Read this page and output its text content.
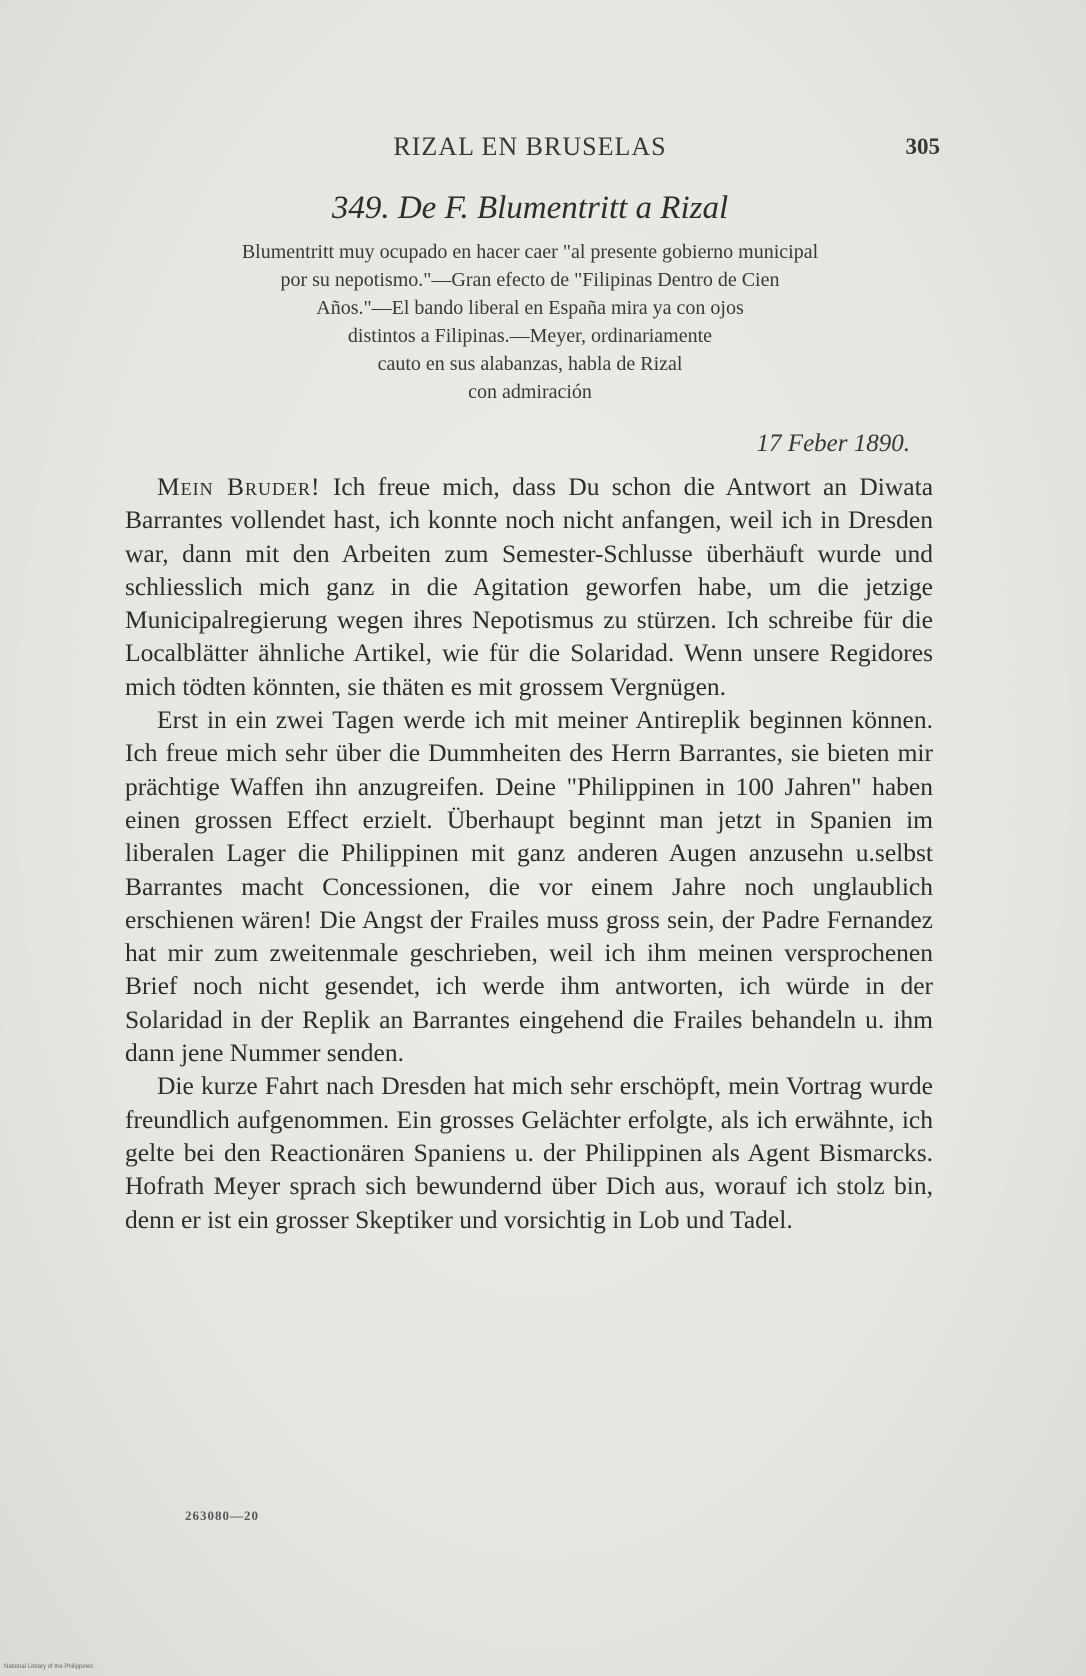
RIZAL EN BRUSELAS	305
349. De F. Blumentritt a Rizal
Blumentritt muy ocupado en hacer caer "al presente gobierno municipal
por su nepotismo."—Gran efecto de "Filipinas Dentro de Cien
Años."—El bando liberal en España mira ya con ojos
distintos a Filipinas.—Meyer, ordinariamente
cauto en sus alabanzas, habla de Rizal
con admiración
17 Feber 1890.

Mein Bruder! Ich freue mich, dass Du schon die Antwort an Diwata Barrantes vollendet hast, ich konnte noch nicht anfangen, weil ich in Dresden war, dann mit den Arbeiten zum Semester-Schlusse überhäuft wurde und schliesslich mich ganz in die Agitation geworfen habe, um die jetzige Municipalregierung wegen ihres Nepotismus zu stürzen. Ich schreibe für die Localblätter ähnliche Artikel, wie für die Solaridad. Wenn unsere Regidores mich tödten könnten, sie thäten es mit grossem Vergnügen.

Erst in ein zwei Tagen werde ich mit meiner Antireplik beginnen können. Ich freue mich sehr über die Dummheiten des Herrn Barrantes, sie bieten mir prächtige Waffen ihn anzugreifen. Deine "Philippinen in 100 Jahren" haben einen grossen Effect erzielt. Überhaupt beginnt man jetzt in Spanien im liberalen Lager die Philippinen mit ganz anderen Augen anzusehn u.selbst Barrantes macht Concessionen, die vor einem Jahre noch unglaublich erschienen wären! Die Angst der Frailes muss gross sein, der Padre Fernandez hat mir zum zweitenmale geschrieben, weil ich ihm meinen versprochenen Brief noch nicht gesendet, ich werde ihm antworten, ich würde in der Solaridad in der Replik an Barrantes eingehend die Frailes behandeln u. ihm dann jene Nummer senden.

Die kurze Fahrt nach Dresden hat mich sehr erschöpft, mein Vortrag wurde freundlich aufgenommen. Ein grosses Gelächter erfolgte, als ich erwähnte, ich gelte bei den Reactionären Spaniens u. der Philippinen als Agent Bismarcks. Hofrath Meyer sprach sich bewundernd über Dich aus, worauf ich stolz bin, denn er ist ein grosser Skeptiker und vorsichtig in Lob und Tadel.

263080—20
National Library of the Philippines
